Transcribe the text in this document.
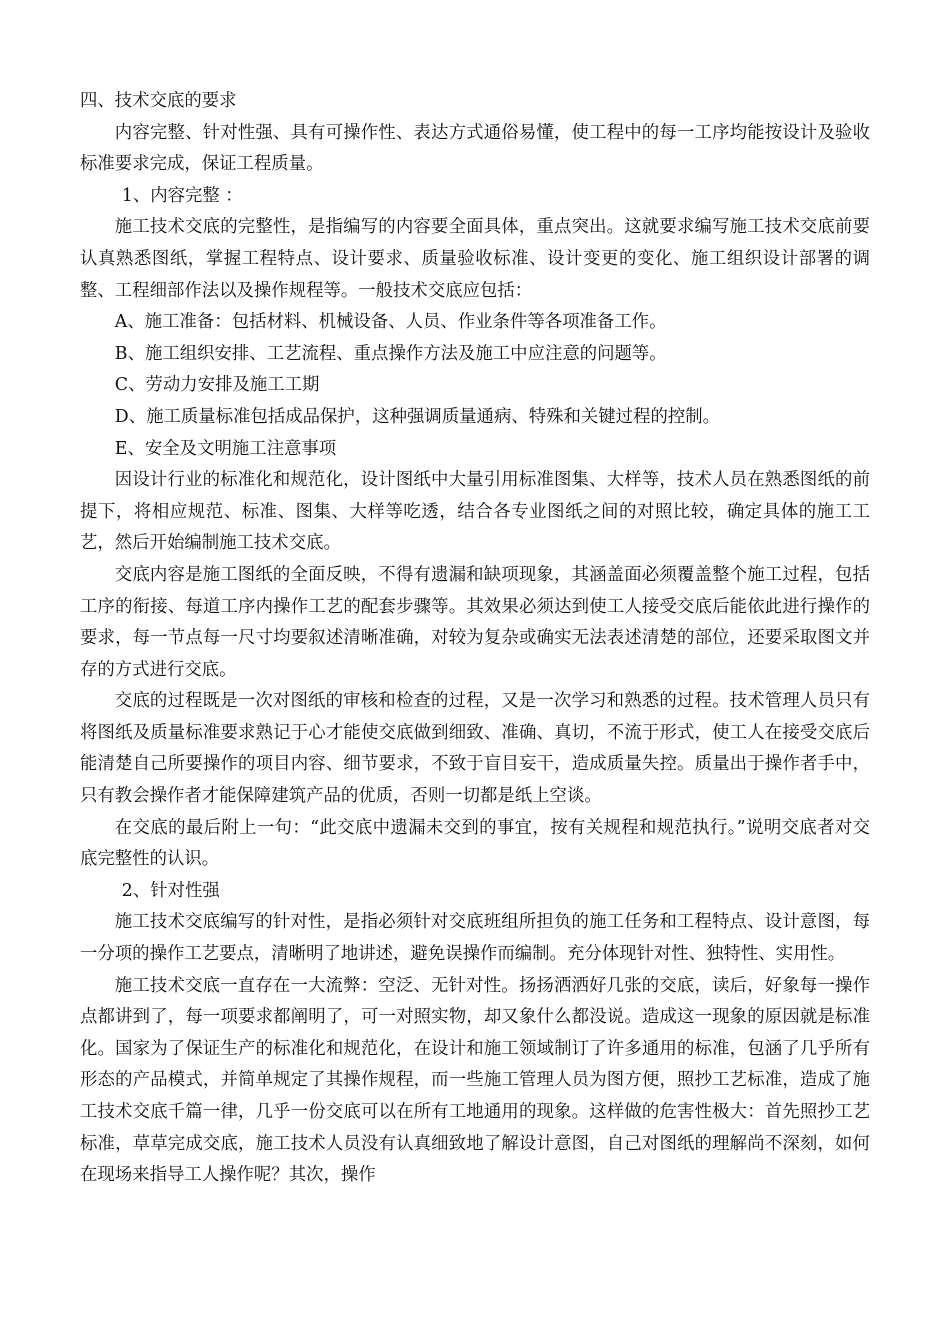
四、技术交底的要求

内容完整、针对性强、具有可操作性、表达方式通俗易懂，使工程中的每一工序均能按设计及验收标准要求完成，保证工程质量。

1、内容完整 ：

施工技术交底的完整性，是指编写的内容要全面具体，重点突出。这就要求编写施工技术交底前要认真熟悉图纸，掌握工程特点、设计要求、质量验收标准、设计变更的变化、施工组织设计部署的调整、工程细部作法以及操作规程等。一般技术交底应包括：

A、施工准备：包括材料、机械设备、人员、作业条件等各项准备工作。

B、施工组织安排、工艺流程、重点操作方法及施工中应注意的问题等。

C、劳动力安排及施工工期

D、施工质量标准包括成品保护，这种强调质量通病、特殊和关键过程的控制。

E、安全及文明施工注意事项

因设计行业的标准化和规范化，设计图纸中大量引用标准图集、大样等，技术人员在熟悉图纸的前提下，将相应规范、标准、图集、大样等吃透，结合各专业图纸之间的对照比较，确定具体的施工工艺，然后开始编制施工技术交底。

交底内容是施工图纸的全面反映，不得有遗漏和缺项现象，其涵盖面必须覆盖整个施工过程，包括工序的衔接、每道工序内操作工艺的配套步骤等。其效果必须达到使工人接受交底后能依此进行操作的要求，每一节点每一尺寸均要叙述清晰准确，对较为复杂或确实无法表述清楚的部位，还要采取图文并存的方式进行交底。

交底的过程既是一次对图纸的审核和检查的过程，又是一次学习和熟悉的过程。技术管理人员只有将图纸及质量标准要求熟记于心才能使交底做到细致、准确、真切，不流于形式，使工人在接受交底后能清楚自己所要操作的项目内容、细节要求，不致于盲目妄干，造成质量失控。质量出于操作者手中，只有教会操作者才能保障建筑产品的优质，否则一切都是纸上空谈。

在交底的最后附上一句：“此交底中遗漏未交到的事宜，按有关规程和规范执行。”说明交底者对交底完整性的认识。

2、针对性强

施工技术交底编写的针对性，是指必须针对交底班组所担负的施工任务和工程特点、设计意图，每一分项的操作工艺要点，清晰明了地讲述，避免误操作而编制。充分体现针对性、独特性、实用性。

施工技术交底一直存在一大流弊：空泛、无针对性。扬扬洒洒好几张的交底，读后，好象每一操作点都讲到了，每一项要求都阐明了，可一对照实物，却又象什么都没说。造成这一现象的原因就是标准化。国家为了保证生产的标准化和规范化，在设计和施工领域制订了许多通用的标准，包涵了几乎所有形态的产品模式，并简单规定了其操作规程，而一些施工管理人员为图方便，照抄工艺标准，造成了施工技术交底千篇一律，几乎一份交底可以在所有工地通用的现象。这样做的危害性极大：首先照抄工艺标准，草草完成交底，施工技术人员没有认真细致地了解设计意图，自己对图纸的理解尚不深刻，如何在现场来指导工人操作呢？其次，操作
